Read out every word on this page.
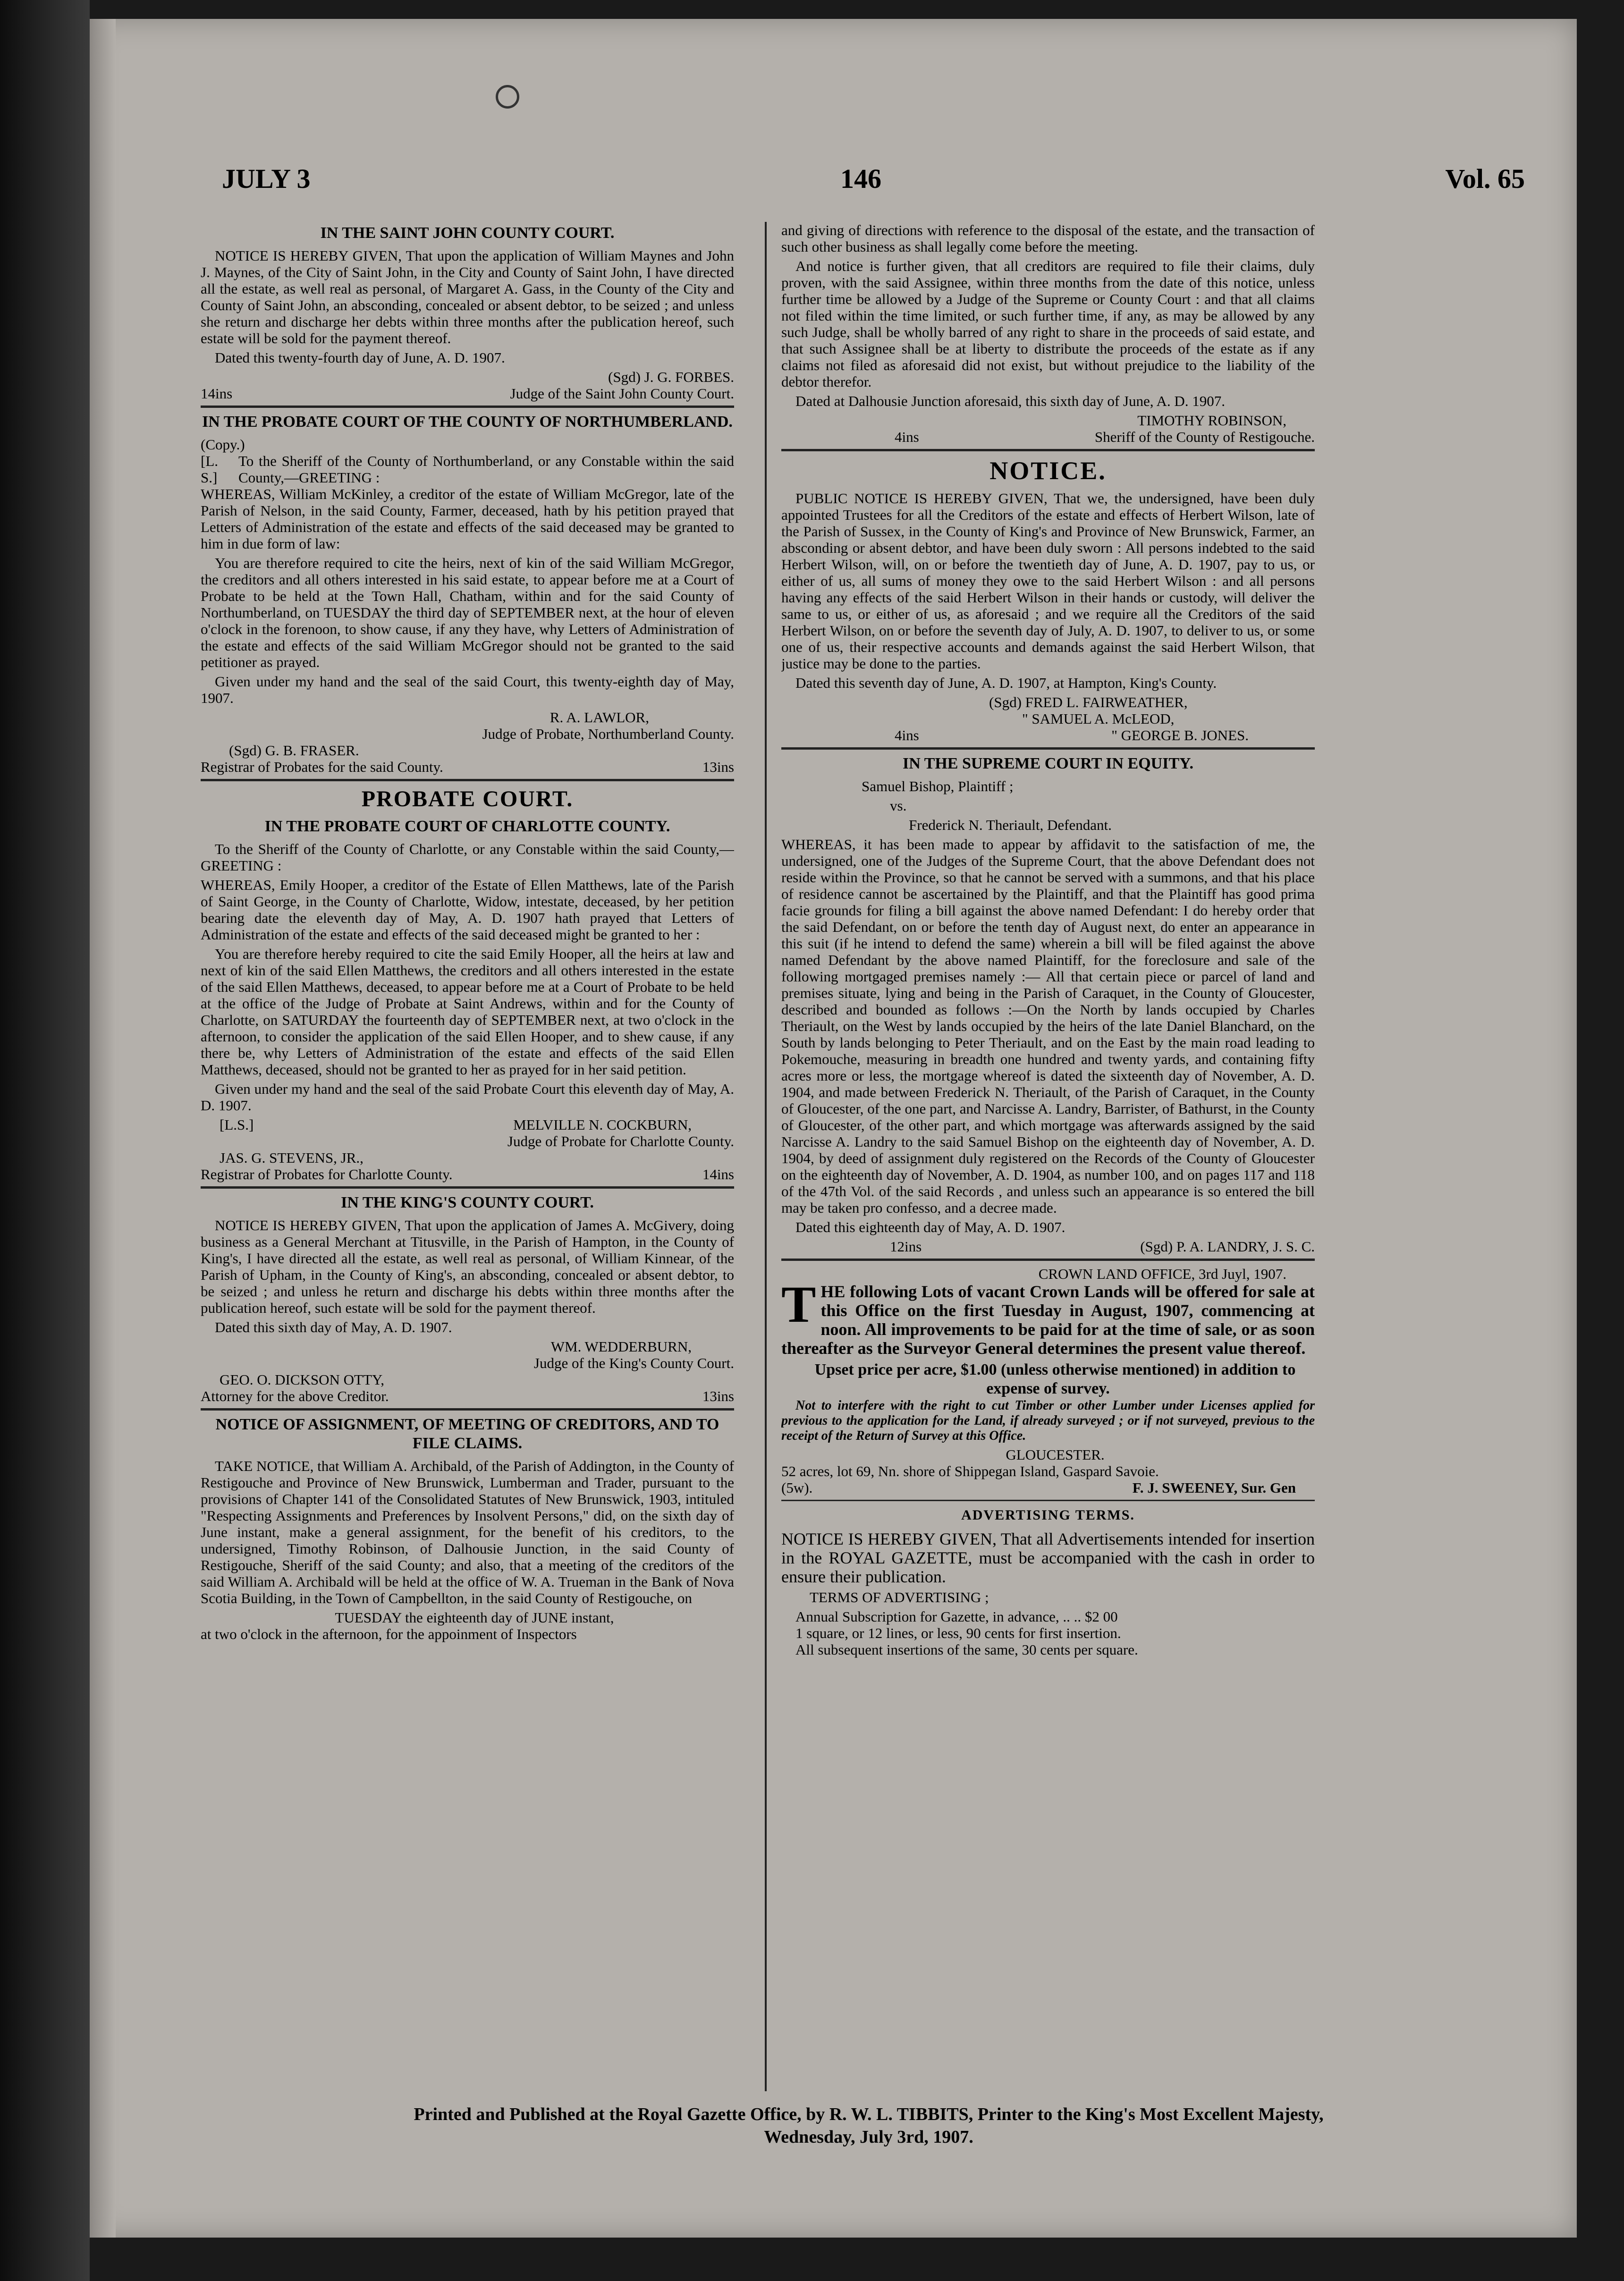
JULY 3	146	Vol. 65
IN THE SAINT JOHN COUNTY COURT.

NOTICE IS HEREBY GIVEN, That upon the application of William Maynes and John J. Maynes, of the City of Saint John, in the City and County of Saint John, I have directed all the estate, as well real as personal, of Margaret A. Gass, in the County of the City and County of Saint John, an absconding, concealed or absent debtor, to be seized ; and unless she return and discharge her debts within three months after the publication hereof, such estate will be sold for the payment thereof.

Dated this twenty-fourth day of June, A. D. 1907.

(Sgd) J. G. FORBES.

14ins	Judge of the Saint John County Court.
IN THE PROBATE COURT OF THE COUNTY OF NORTHUMBERLAND.

(Copy.)

[L. S.]
To the Sheriff of the County of Northumberland, or any Constable within the said County,—GREETING :

WHEREAS, William McKinley, a creditor of the estate of William McGregor, late of the Parish of Nelson, in the said County, Farmer, deceased, hath by his petition prayed that Letters of Administration of the estate and effects of the said deceased may be granted to him in due form of law:

You are therefore required to cite the heirs, next of kin of the said William McGregor, the creditors and all others interested in his said estate, to appear before me at a Court of Probate to be held at the Town Hall, Chatham, within and for the said County of Northumberland, on TUESDAY the third day of SEPTEMBER next, at the hour of eleven o'clock in the forenoon, to show cause, if any they have, why Letters of Administration of the estate and effects of the said William McGregor should not be granted to the said petitioner as prayed.

Given under my hand and the seal of the said Court, this twenty-eighth day of May, 1907.

R. A. LAWLOR,

Judge of Probate, Northumberland County.

(Sgd) G. B. FRASER.

Registrar of Probates for the said County.	13ins
PROBATE COURT.
IN THE PROBATE COURT OF CHARLOTTE COUNTY.

To the Sheriff of the County of Charlotte, or any Constable within the said County,—GREETING :

WHEREAS, Emily Hooper, a creditor of the Estate of Ellen Matthews, late of the Parish of Saint George, in the County of Charlotte, Widow, intestate, deceased, by her petition bearing date the eleventh day of May, A. D. 1907 hath prayed that Letters of Administration of the estate and effects of the said deceased might be granted to her :

You are therefore hereby required to cite the said Emily Hooper, all the heirs at law and next of kin of the said Ellen Matthews, the creditors and all others interested in the estate of the said Ellen Matthews, deceased, to appear before me at a Court of Probate to be held at the office of the Judge of Probate at Saint Andrews, within and for the County of Charlotte, on SATURDAY the fourteenth day of SEPTEMBER next, at two o'clock in the afternoon, to consider the application of the said Ellen Hooper, and to shew cause, if any there be, why Letters of Administration of the estate and effects of the said Ellen Matthews, deceased, should not be granted to her as prayed for in her said petition.

Given under my hand and the seal of the said Probate Court this eleventh day of May, A. D. 1907.

[L.S.]	MELVILLE N. COCKBURN,

Judge of Probate for Charlotte County.

JAS. G. STEVENS, JR.,

Registrar of Probates for Charlotte County.	14ins
IN THE KING'S COUNTY COURT.

NOTICE IS HEREBY GIVEN, That upon the application of James A. McGivery, doing business as a General Merchant at Titusville, in the Parish of Hampton, in the County of King's, I have directed all the estate, as well real as personal, of William Kinnear, of the Parish of Upham, in the County of King's, an absconding, concealed or absent debtor, to be seized ; and unless he return and discharge his debts within three months after the publication hereof, such estate will be sold for the payment thereof.

Dated this sixth day of May, A. D. 1907.

WM. WEDDERBURN,

Judge of the King's County Court.

GEO. O. DICKSON OTTY,

Attorney for the above Creditor.	13ins
NOTICE OF ASSIGNMENT, OF MEETING OF CREDITORS, AND TO FILE CLAIMS.

TAKE NOTICE, that William A. Archibald, of the Parish of Addington, in the County of Restigouche and Province of New Brunswick, Lumberman and Trader, pursuant to the provisions of Chapter 141 of the Consolidated Statutes of New Brunswick, 1903, intituled "Respecting Assignments and Preferences by Insolvent Persons," did, on the sixth day of June instant, make a general assignment, for the benefit of his creditors, to the undersigned, Timothy Robinson, of Dalhousie Junction, in the said County of Restigouche, Sheriff of the said County; and also, that a meeting of the creditors of the said William A. Archibald will be held at the office of W. A. Trueman in the Bank of Nova Scotia Building, in the Town of Campbellton, in the said County of Restigouche, on

TUESDAY the eighteenth day of JUNE instant,

at two o'clock in the afternoon, for the appoinment of Inspectors

and giving of directions with reference to the disposal of the estate, and the transaction of such other business as shall legally come before the meeting.

And notice is further given, that all creditors are required to file their claims, duly proven, with the said Assignee, within three months from the date of this notice, unless further time be allowed by a Judge of the Supreme or County Court : and that all claims not filed within the time limited, or such further time, if any, as may be allowed by any such Judge, shall be wholly barred of any right to share in the proceeds of said estate, and that such Assignee shall be at liberty to distribute the proceeds of the estate as if any claims not filed as aforesaid did not exist, but without prejudice to the liability of the debtor therefor.

Dated at Dalhousie Junction aforesaid, this sixth day of June, A. D. 1907.

TIMOTHY ROBINSON,

4ins	Sheriff of the County of Restigouche.
NOTICE.

PUBLIC NOTICE IS HEREBY GIVEN, That we, the undersigned, have been duly appointed Trustees for all the Creditors of the estate and effects of Herbert Wilson, late of the Parish of Sussex, in the County of King's and Province of New Brunswick, Farmer, an absconding or absent debtor, and have been duly sworn : All persons indebted to the said Herbert Wilson, will, on or before the twentieth day of June, A. D. 1907, pay to us, or either of us, all sums of money they owe to the said Herbert Wilson : and all persons having any effects of the said Herbert Wilson in their hands or custody, will deliver the same to us, or either of us, as aforesaid ; and we require all the Creditors of the said Herbert Wilson, on or before the seventh day of July, A. D. 1907, to deliver to us, or some one of us, their respective accounts and demands against the said Herbert Wilson, that justice may be done to the parties.

Dated this seventh day of June, A. D. 1907, at Hampton, King's County.

(Sgd) FRED L. FAIRWEATHER,

" SAMUEL A. McLEOD,

4ins	" GEORGE B. JONES.
IN THE SUPREME COURT IN EQUITY.

Samuel Bishop, Plaintiff ;

vs.

Frederick N. Theriault, Defendant.

WHEREAS, it has been made to appear by affidavit to the satisfaction of me, the undersigned, one of the Judges of the Supreme Court, that the above Defendant does not reside within the Province, so that he cannot be served with a summons, and that his place of residence cannot be ascertained by the Plaintiff, and that the Plaintiff has good prima facie grounds for filing a bill against the above named Defendant: I do hereby order that the said Defendant, on or before the tenth day of August next, do enter an appearance in this suit (if he intend to defend the same) wherein a bill will be filed against the above named Defendant by the above named Plaintiff, for the foreclosure and sale of the following mortgaged premises namely :— All that certain piece or parcel of land and premises situate, lying and being in the Parish of Caraquet, in the County of Gloucester, described and bounded as follows :—On the North by lands occupied by Charles Theriault, on the West by lands occupied by the heirs of the late Daniel Blanchard, on the South by lands belonging to Peter Theriault, and on the East by the main road leading to Pokemouche, measuring in breadth one hundred and twenty yards, and containing fifty acres more or less, the mortgage whereof is dated the sixteenth day of November, A. D. 1904, and made between Frederick N. Theriault, of the Parish of Caraquet, in the County of Gloucester, of the one part, and Narcisse A. Landry, Barrister, of Bathurst, in the County of Gloucester, of the other part, and which mortgage was afterwards assigned by the said Narcisse A. Landry to the said Samuel Bishop on the eighteenth day of November, A. D. 1904, by deed of assignment duly registered on the Records of the County of Gloucester on the eighteenth day of November, A. D. 1904, as number 100, and on pages 117 and 118 of the 47th Vol. of the said Records , and unless such an appearance is so entered the bill may be taken pro confesso, and a decree made.

Dated this eighteenth day of May, A. D. 1907.

12ins	(Sgd) P. A. LANDRY, J. S. C.

CROWN LAND OFFICE, 3rd Juyl, 1907.

THE following Lots of vacant Crown Lands will be offered for sale at this Office on the first Tuesday in August, 1907, commencing at noon. All improvements to be paid for at the time of sale, or as soon thereafter as the Surveyor General determines the present value thereof.

Upset price per acre, $1.00 (unless otherwise mentioned) in addition to expense of survey.

Not to interfere with the right to cut Timber or other Lumber under Licenses applied for previous to the application for the Land, if already surveyed ; or if not surveyed, previous to the receipt of the Return of Survey at this Office.

GLOUCESTER.

52 acres, lot 69, Nn. shore of Shippegan Island, Gaspard Savoie.

(5w).	F. J. SWEENEY, Sur. Gen
ADVERTISING TERMS.

NOTICE IS HEREBY GIVEN, That all Advertisements intended for insertion in the ROYAL GAZETTE, must be accompanied with the cash in order to ensure their publication.

TERMS OF ADVERTISING ;

Annual Subscription for Gazette, in advance, .. .. $2 00

1 square, or 12 lines, or less, 90 cents for first insertion.

All subsequent insertions of the same, 30 cents per square.

Printed and Published at the Royal Gazette Office, by R. W. L. TIBBITS, Printer to the King's Most Excellent Majesty,
Wednesday, July 3rd, 1907.
